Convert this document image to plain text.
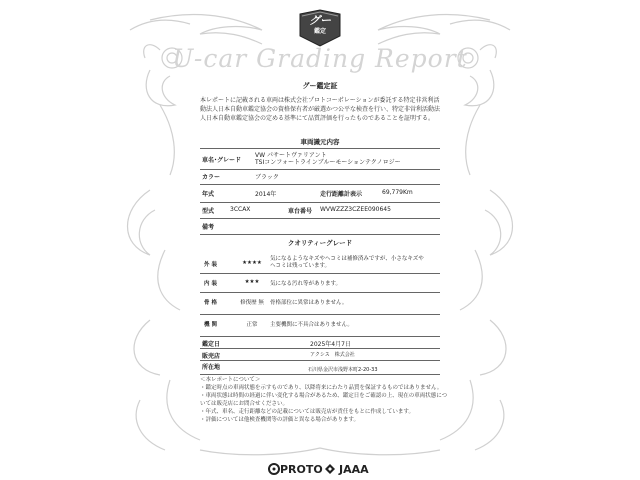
グー
鑑定
U-car Grading Report
グー鑑定証
本レポートに記載される車両は株式会社プロトコーポレーションが委託する特定非営利活動法人日本自動車鑑定協会の資格保有者が厳選かつ公平な検査を行い、特定非営利活動法人日本自動車鑑定協会の定める基準にて品質評価を行ったものであることを証明する。
車両識元内容
車名･グレード
VW パサートヴァリアント
TSIコンフォートラインブルーモーションテクノロジー
カラー	ブラック
年式	2014年	走行距離計表示	69,779Km
型式	3CCAX	車台番号 WVWZZZ3CZEE090645
備考
クオリティーグレード
外装	★★★★
気になるようなキズやヘコミは補修済みですが、小さなキズや
ヘコミは残っています。
内装	★★★	気になる汚れ等があります。
骨格	修復歴 無	骨格部位に異常はありません。
機関	正常	主要機関に不具合はありません。
鑑定日	2025年4月7日
販売店	アクシス　株式会社
所在地	石川県金沢市浅野本町2-20-33
＜本レポートについて＞
・鑑定時点の車両状態を示すものであり、以降将来にわたり品質を保証するものではありません。
・車両状態は時間の経過に伴い変化する場合があるため、鑑定日をご確認の上、現在の車両状態については販売店にお問合せください。
・年式、車名、走行距離などの記載については販売店が責任をもとに作成しています。
・評価については他検査機関等の評価と異なる場合があります。
PROTO JAAA
